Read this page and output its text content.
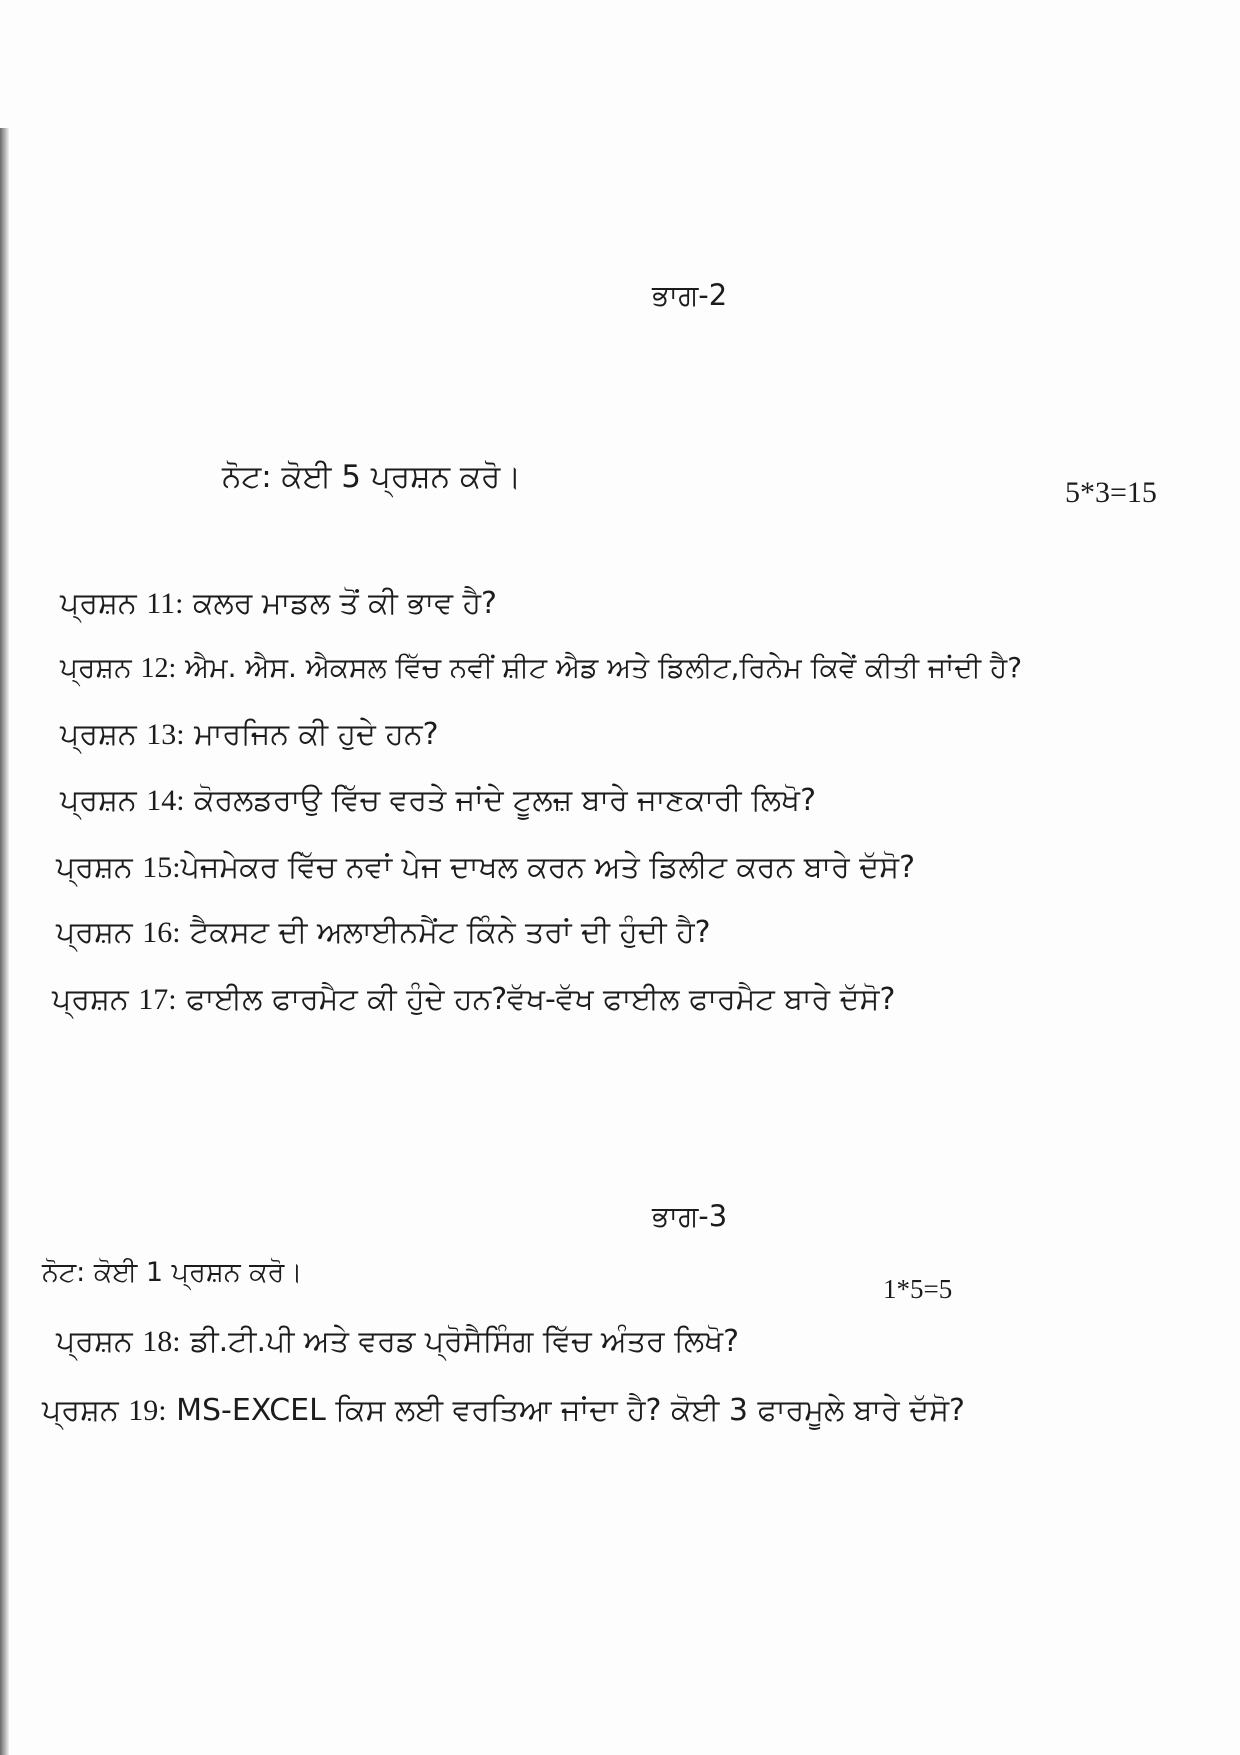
ਭਾਗ-2
ਨੋਟ: ਕੋਈ 5 ਪ੍ਰਸ਼ਨ ਕਰੋ।	5*3=15
ਪ੍ਰਸ਼ਨ 11: ਕਲਰ ਮਾਡਲ ਤੋਂ ਕੀ ਭਾਵ ਹੈ?
ਪ੍ਰਸ਼ਨ 12: ਐਮ. ਐਸ. ਐਕਸਲ ਵਿੱਚ ਨਵੀਂ ਸ਼ੀਟ ਐਡ ਅਤੇ ਡਿਲੀਟ,ਰਿਨੇਮ ਕਿਵੇਂ ਕੀਤੀ ਜਾਂਦੀ ਹੈ?
ਪ੍ਰਸ਼ਨ 13: ਮਾਰਜਿਨ ਕੀ ਹੁਦੇ ਹਨ?
ਪ੍ਰਸ਼ਨ 14: ਕੋਰਲਡਰਾਉ ਵਿੱਚ ਵਰਤੇ ਜਾਂਦੇ ਟੂਲਜ਼ ਬਾਰੇ ਜਾਣਕਾਰੀ ਲਿਖੋ?
ਪ੍ਰਸ਼ਨ 15:ਪੇਜਮੇਕਰ ਵਿੱਚ ਨਵਾਂ ਪੇਜ ਦਾਖਲ ਕਰਨ ਅਤੇ ਡਿਲੀਟ ਕਰਨ ਬਾਰੇ ਦੱਸੋ?
ਪ੍ਰਸ਼ਨ 16: ਟੈਕਸਟ ਦੀ ਅਲਾਈਨਮੈਂਟ ਕਿੰਨੇ ਤਰਾਂ ਦੀ ਹੁੰਦੀ ਹੈ?
ਪ੍ਰਸ਼ਨ 17: ਫਾਈਲ ਫਾਰਮੈਟ ਕੀ ਹੁੰਦੇ ਹਨ?ਵੱਖ-ਵੱਖ ਫਾਈਲ ਫਾਰਮੈਟ ਬਾਰੇ ਦੱਸੋ?
ਭਾਗ-3
ਨੋਟ: ਕੋਈ 1 ਪ੍ਰਸ਼ਨ ਕਰੋ।
1*5=5
ਪ੍ਰਸ਼ਨ 18: ਡੀ.ਟੀ.ਪੀ ਅਤੇ ਵਰਡ ਪ੍ਰੋਸੈਸਿੰਗ ਵਿੱਚ ਅੰਤਰ ਲਿਖੋ?
ਪ੍ਰਸ਼ਨ 19: MS-EXCEL ਕਿਸ ਲਈ ਵਰਤਿਆ ਜਾਂਦਾ ਹੈ? ਕੋਈ 3 ਫਾਰਮੂਲੇ ਬਾਰੇ ਦੱਸੋ?
